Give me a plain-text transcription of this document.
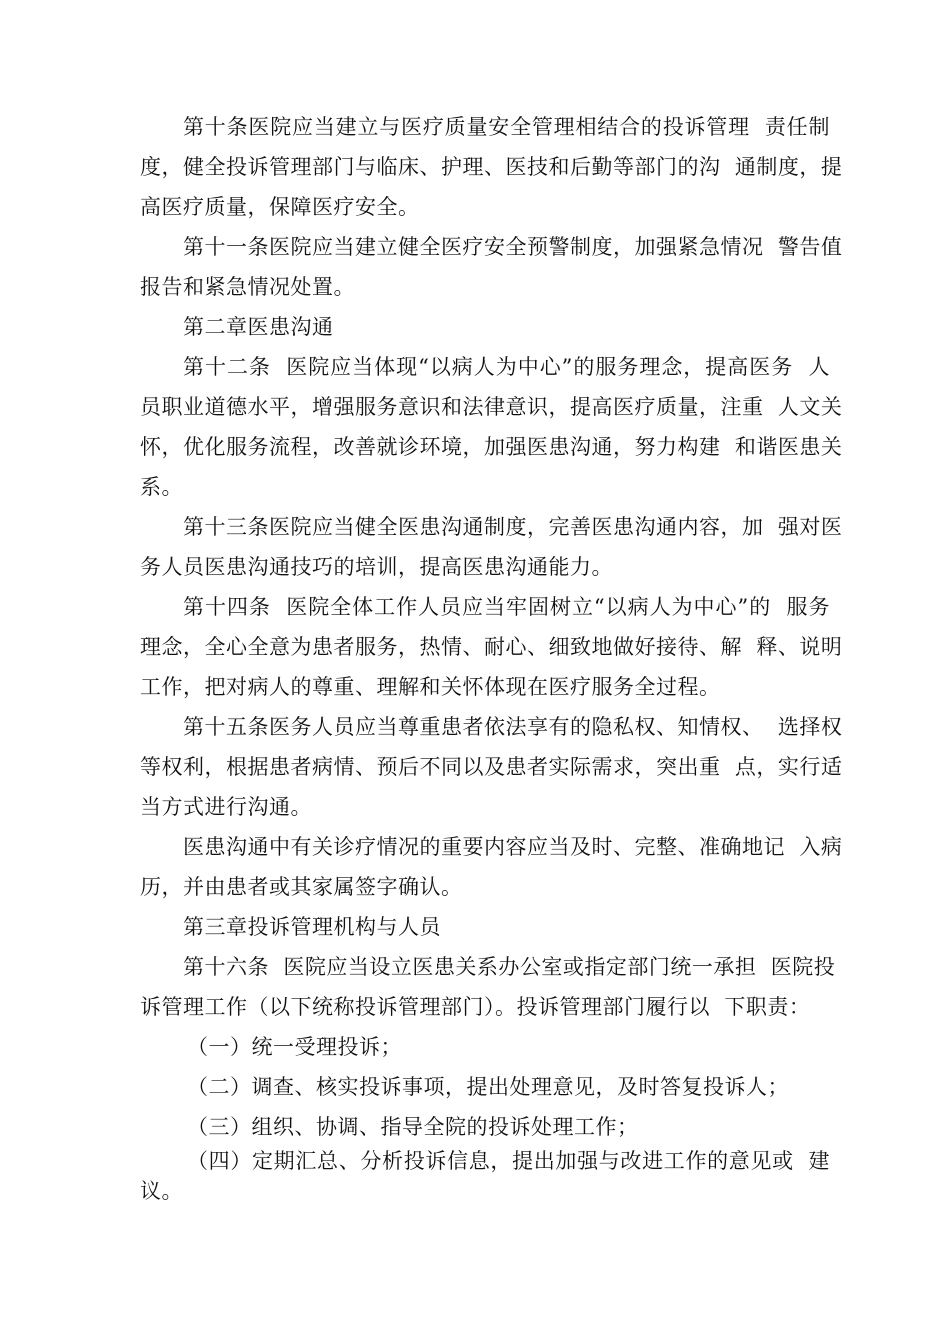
第十条医院应当建立与医疗质量安全管理相结合的投诉管理  责任制
度，健全投诉管理部门与临床、护理、医技和后勤等部门的沟  通制度，提
高医疗质量，保障医疗安全。
第十一条医院应当建立健全医疗安全预警制度，加强紧急情况  警告值
报告和紧急情况处置。
第二章医患沟通
第十二条  医院应当体现“以病人为中心”的服务理念，提高医务  人
员职业道德水平，增强服务意识和法律意识，提高医疗质量，注重  人文关
怀，优化服务流程，改善就诊环境，加强医患沟通，努力构建  和谐医患关
系。
第十三条医院应当健全医患沟通制度，完善医患沟通内容，加  强对医
务人员医患沟通技巧的培训，提高医患沟通能力。
第十四条  医院全体工作人员应当牢固树立“以病人为中心”的  服务
理念，全心全意为患者服务，热情、耐心、细致地做好接待、解  释、说明
工作，把对病人的尊重、理解和关怀体现在医疗服务全过程。
第十五条医务人员应当尊重患者依法享有的隐私权、知情权、  选择权
等权利，根据患者病情、预后不同以及患者实际需求，突出重  点，实行适
当方式进行沟通。
医患沟通中有关诊疗情况的重要内容应当及时、完整、准确地记  入病
历，并由患者或其家属签字确认。
第三章投诉管理机构与人员
第十六条  医院应当设立医患关系办公室或指定部门统一承担  医院投
诉管理工作（以下统称投诉管理部门）。投诉管理部门履行以  下职责：
（一）统一受理投诉；
（二）调查、核实投诉事项，提出处理意见，及时答复投诉人；
（三）组织、协调、指导全院的投诉处理工作；
（四）定期汇总、分析投诉信息，提出加强与改进工作的意见或  建
议。
